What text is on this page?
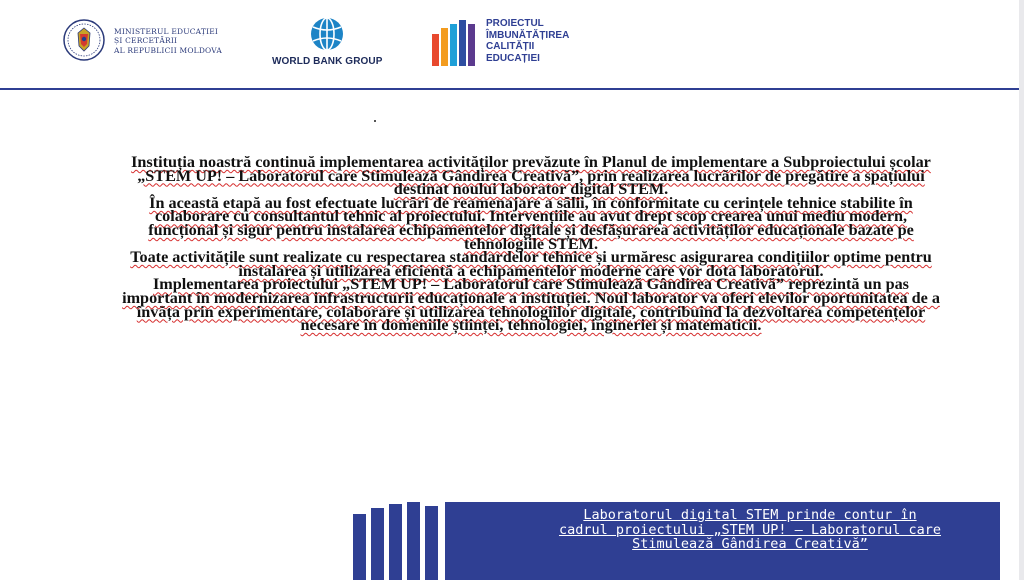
MINISTERUL EDUCAȚIEI
ȘI CERCETĂRII
AL REPUBLICII MOLDOVA
WORLD BANK GROUP
PROIECTUL
ÎMBUNĂTĂȚIREA
CALITĂȚII
EDUCAȚIEI

Instituția noastră continuă implementarea activităților prevăzute în Planul de implementare a Subproiectului școlar „STEM UP! – Laboratorul care Stimulează Gândirea Creativă”, prin realizarea lucrărilor de pregătire a spațiului destinat noului laborator digital STEM.

În această etapă au fost efectuate lucrări de reamenajare a sălii, în conformitate cu cerințele tehnice stabilite în colaborare cu consultantul tehnic al proiectului. Intervențiile au avut drept scop crearea unui mediu modern, funcțional și sigur pentru instalarea echipamentelor digitale și desfășurarea activităților educaționale bazate pe tehnologiile STEM.

Toate activitățile sunt realizate cu respectarea standardelor tehnice și urmăresc asigurarea condițiilor optime pentru instalarea și utilizarea eficientă a echipamentelor moderne care vor dota laboratorul.

Implementarea proiectului „STEM UP! – Laboratorul care Stimulează Gândirea Creativă” reprezintă un pas important în modernizarea infrastructurii educaționale a instituției. Noul laborator va oferi elevilor oportunitatea de a învăța prin experimentare, colaborare și utilizarea tehnologiilor digitale, contribuind la dezvoltarea competențelor necesare în domeniile științei, tehnologiei, ingineriei și matematicii.

Laboratorul digital STEM prinde contur în cadrul proiectului „STEM UP! – Laboratorul care Stimulează Gândirea Creativă”
